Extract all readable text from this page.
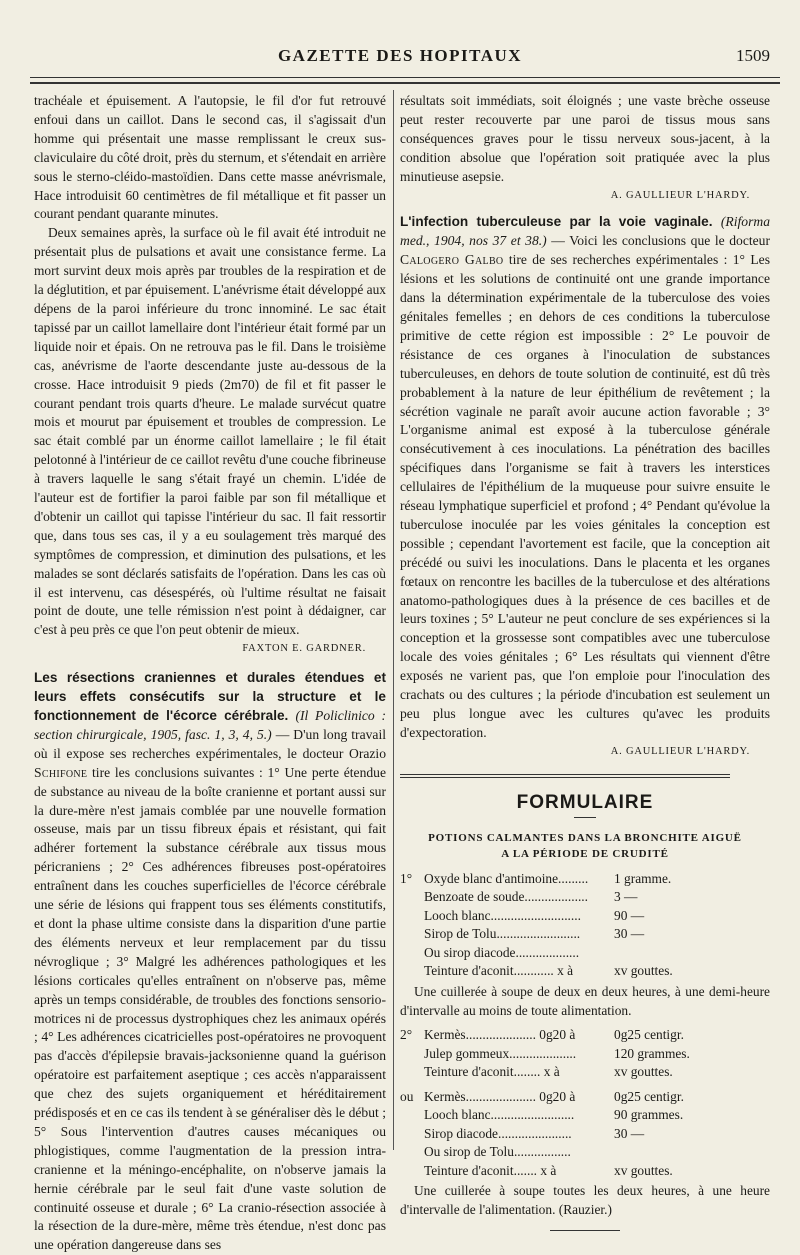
GAZETTE DES HOPITAUX	1509

trachéale et épuisement. A l'autopsie, le fil d'or fut retrouvé enfoui dans un caillot. Dans le second cas, il s'agissait d'un homme qui présentait une masse remplissant le creux sus-claviculaire du côté droit, près du sternum, et s'étendait en arrière sous le sterno-cléido-mastoïdien. Dans cette masse anévrismale, Hace introduisit 60 centimètres de fil métallique et fit passer un courant pendant quarante minutes.

Deux semaines après, la surface où le fil avait été introduit ne présentait plus de pulsations et avait une consistance ferme. La mort survint deux mois après par troubles de la respiration et de la déglutition, et par épuisement. L'anévrisme était développé aux dépens de la paroi inférieure du tronc innominé. Le sac était tapissé par un caillot lamellaire dont l'intérieur était formé par un liquide noir et épais. On ne retrouva pas le fil. Dans le troisième cas, anévrisme de l'aorte descendante juste au-dessous de la crosse. Hace introduisit 9 pieds (2m70) de fil et fit passer le courant pendant trois quarts d'heure. Le malade survécut quatre mois et mourut par épuisement et troubles de compression. Le sac était comblé par un énorme caillot lamellaire ; le fil était pelotonné à l'intérieur de ce caillot revêtu d'une couche fibrineuse à travers laquelle le sang s'était frayé un chemin. L'idée de l'auteur est de fortifier la paroi faible par son fil métallique et d'obtenir un caillot qui tapisse l'intérieur du sac. Il fait ressortir que, dans tous ses cas, il y a eu soulagement très marqué des symptômes de compression, et diminution des pulsations, et les malades se sont déclarés satisfaits de l'opération. Dans les cas où il est intervenu, cas désespérés, où l'ultime résultat ne faisait point de doute, une telle rémission n'est point à dédaigner, car c'est à peu près ce que l'on peut obtenir de mieux.

FAXTON E. GARDNER.

Les résections craniennes et durales étendues et leurs effets consécutifs sur la structure et le fonctionnement de l'écorce cérébrale. (Il Policlinico : section chirurgicale, 1905, fasc. 1, 3, 4, 5.) — D'un long travail où il expose ses recherches expérimentales, le docteur Orazio Schifone tire les conclusions suivantes : 1° Une perte étendue de substance au niveau de la boîte cranienne et portant aussi sur la dure-mère n'est jamais comblée par une nouvelle formation osseuse, mais par un tissu fibreux épais et résistant, qui fait adhérer fortement la substance cérébrale aux tissus mous péricraniens ; 2° Ces adhérences fibreuses post-opératoires entraînent dans les couches superficielles de l'écorce cérébrale une série de lésions qui frappent tous ses éléments constitutifs, et dont la phase ultime consiste dans la disparition d'une partie des éléments nerveux et leur remplacement par du tissu névroglique ; 3° Malgré les adhérences pathologiques et les lésions corticales qu'elles entraînent on n'observe pas, même après un temps considérable, de troubles des fonctions sensorio-motrices ni de processus dystrophiques chez les animaux opérés ; 4° Les adhérences cicatricielles post-opératoires ne provoquent pas d'accès d'épilepsie bravais-jacksonienne quand la guérison opératoire est parfaitement aseptique ; ces accès n'apparaissent que chez des sujets organiquement et héréditairement prédisposés et en ce cas ils tendent à se généraliser dès le début ; 5° Sous l'intervention d'autres causes mécaniques ou phlogistiques, comme l'augmentation de la pression intra-cranienne et la méningo-encéphalite, on n'observe jamais la hernie cérébrale par le seul fait d'une vaste solution de continuité osseuse et durale ; 6° La cranio-résection associée à la résection de la dure-mère, même très étendue, n'est donc pas une opération dangereuse dans ses

résultats soit immédiats, soit éloignés ; une vaste brèche osseuse peut rester recouverte par une paroi de tissus mous sans conséquences graves pour le tissu nerveux sous-jacent, à la condition absolue que l'opération soit pratiquée avec la plus minutieuse asepsie.

A. GAULLIEUR L'HARDY.

L'infection tuberculeuse par la voie vaginale. (Riforma med., 1904, nos 37 et 38.) — Voici les conclusions que le docteur Calogero Galbo tire de ses recherches expérimentales : 1° Les lésions et les solutions de continuité ont une grande importance dans la détermination expérimentale de la tuberculose des voies génitales femelles ; en dehors de ces conditions la tuberculose primitive de cette région est impossible : 2° Le pouvoir de résistance de ces organes à l'inoculation de substances tuberculeuses, en dehors de toute solution de continuité, est dû très probablement à la nature de leur épithélium de revêtement ; la sécrétion vaginale ne paraît avoir aucune action favorable ; 3° L'organisme animal est exposé à la tuberculose générale consécutivement à ces inoculations. La pénétration des bacilles spécifiques dans l'organisme se fait à travers les interstices cellulaires de l'épithélium de la muqueuse pour suivre ensuite le réseau lymphatique superficiel et profond ; 4° Pendant qu'évolue la tuberculose inoculée par les voies génitales la conception est possible ; cependant l'avortement est facile, que la conception ait précédé ou suivi les inoculations. Dans le placenta et les organes fœtaux on rencontre les bacilles de la tuberculose et des altérations anatomo-pathologiques dues à la présence de ces bacilles et de leurs toxines ; 5° L'auteur ne peut conclure de ses expériences si la conception et la grossesse sont compatibles avec une tuberculose locale des voies génitales ; 6° Les résultats qui viennent d'être exposés ne varient pas, que l'on emploie pour l'inoculation des crachats ou des cultures ; la période d'incubation est seulement un peu plus longue avec les cultures qu'avec les produits d'expectoration.

A. GAULLIEUR L'HARDY.

FORMULAIRE
POTIONS CALMANTES DANS LA BRONCHITE AIGUË
A LA PÉRIODE DE CRUDITÉ
1° Oxyde blanc d'antimoine.........	1 gramme.
Benzoate de soude...................	3 —
Looch blanc...........................	90 —
Sirop de Tolu.........................	30 —
Ou sirop diacode...................
Teinture d'aconit............ x à	xv gouttes.

Une cuillerée à soupe de deux en deux heures, à une demi-heure d'intervalle au moins de toute alimentation.

2° Kermès..................... 0g20 à	0g25 centigr.
Julep gommeux....................	120 grammes.
Teinture d'aconit........ x à	xv gouttes.
ou Kermès..................... 0g20 à	0g25 centigr.
Looch blanc.........................	90 grammes.
Sirop diacode......................	30 —
Ou sirop de Tolu.................
Teinture d'aconit....... x à	xv gouttes.

Une cuillerée à soupe toutes les deux heures, à une heure d'intervalle de l'alimentation. (Rauzier.)
